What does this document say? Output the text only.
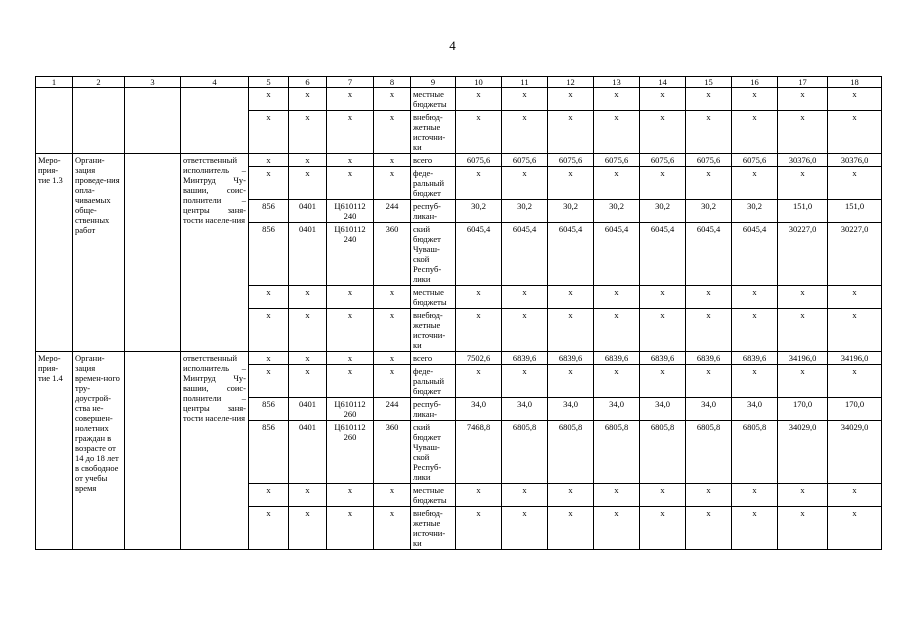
4
1	2	3	4	5	6	7	8	9	10	11	12	13	14	15	16	17	18
				x	x	x	x	местные бюджеты	x	x	x	x	x	x	x	x	x
				x	x	x	x	внебюд-жетные источни-ки	x	x	x	x	x	x	x	x	x
Меро-прия-тие 1.3	Органи-зация проведе-ния опла-чиваемых обще-ственных работ		ответственный исполнитель – Минтруд Чу-вашии, соис-полнители – центры заня-тости населе-ния	x	x	x	x	всего	6075,6	6075,6	6075,6	6075,6	6075,6	6075,6	6075,6	30376,0	30376,0
				x	x	x	x	феде-ральный бюджет	x	x	x	x	x	x	x	x	x
				856	0401	Ц610112 240	244	респуб-ликан-	30,2	30,2	30,2	30,2	30,2	30,2	30,2	151,0	151,0
				856	0401	Ц610112 240	360	ский бюджет Чуваш-ской Респуб-лики	6045,4	6045,4	6045,4	6045,4	6045,4	6045,4	6045,4	30227,0	30227,0
				x	x	x	x	местные бюджеты	x	x	x	x	x	x	x	x	x
				x	x	x	x	внебюд-жетные источни-ки	x	x	x	x	x	x	x	x	x
Меро-прия-тие 1.4	Органи-зация времен-ного тру-доустрой-ства не-совершен-нолетних граждан в возрасте от 14 до 18 лет в свободное от учебы время		ответственный исполнитель – Минтруд Чу-вашии, соис-полнители – центры заня-тости населе-ния	x	x	x	x	всего	7502,6	6839,6	6839,6	6839,6	6839,6	6839,6	6839,6	34196,0	34196,0
				x	x	x	x	феде-ральный бюджет	x	x	x	x	x	x	x	x	x
				856	0401	Ц610112 260	244	респуб-ликан-	34,0	34,0	34,0	34,0	34,0	34,0	34,0	170,0	170,0
				856	0401	Ц610112 260	360	ский бюджет Чуваш-ской Респуб-лики	7468,8	6805,8	6805,8	6805,8	6805,8	6805,8	6805,8	34029,0	34029,0
				x	x	x	x	местные бюджеты	x	x	x	x	x	x	x	x	x
				x	x	x	x	внебюд-жетные источни-ки	x	x	x	x	x	x	x	x	x
